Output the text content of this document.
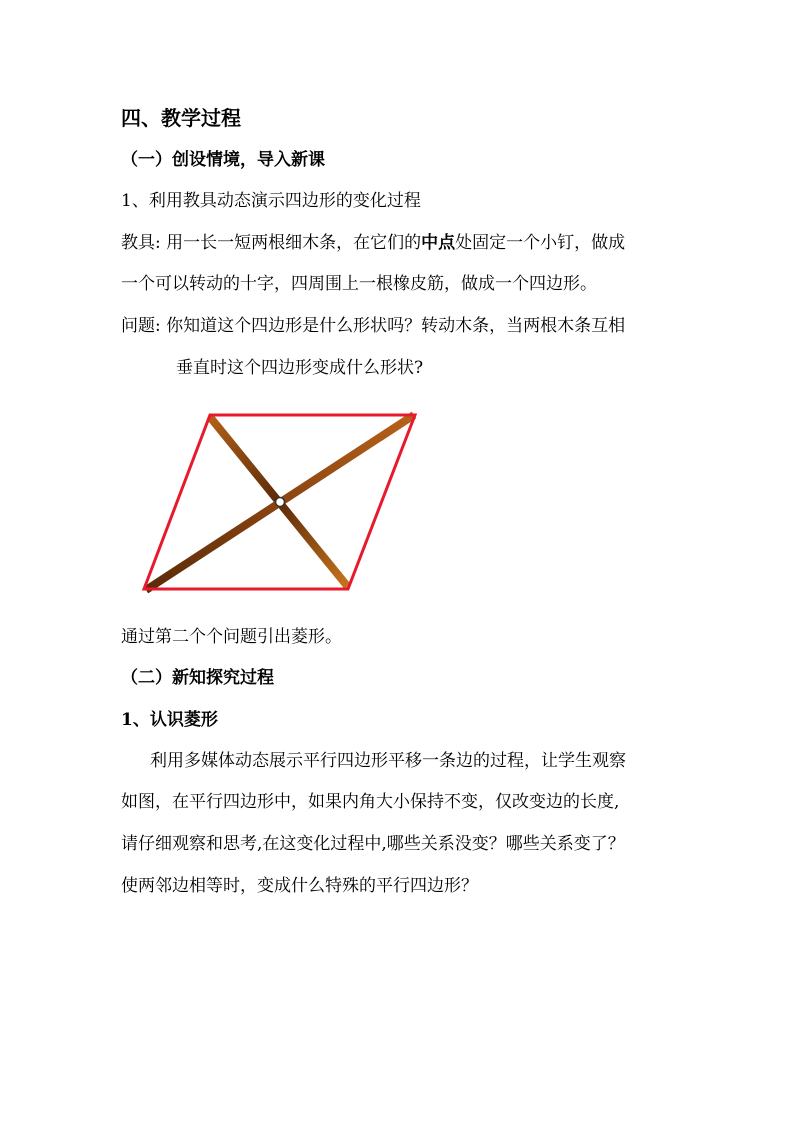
四、教学过程
（一）创设情境，导入新课
1、利用教具动态演示四边形的变化过程
教具: 用一长一短两根细木条，在它们的中点处固定一个小钉，做成
一个可以转动的十字，四周围上一根橡皮筋，做成一个四边形。
问题: 你知道这个四边形是什么形状吗？转动木条，当两根木条互相
垂直时这个四边形变成什么形状?
通过第二个个问题引出菱形。
（二）新知探究过程
1、认识菱形
利用多媒体动态展示平行四边形平移一条边的过程，让学生观察
如图，在平行四边形中，如果内角大小保持不变，仅改变边的长度,
请仔细观察和思考,在这变化过程中,哪些关系没变？哪些关系变了？
使两邻边相等时，变成什么特殊的平行四边形？
